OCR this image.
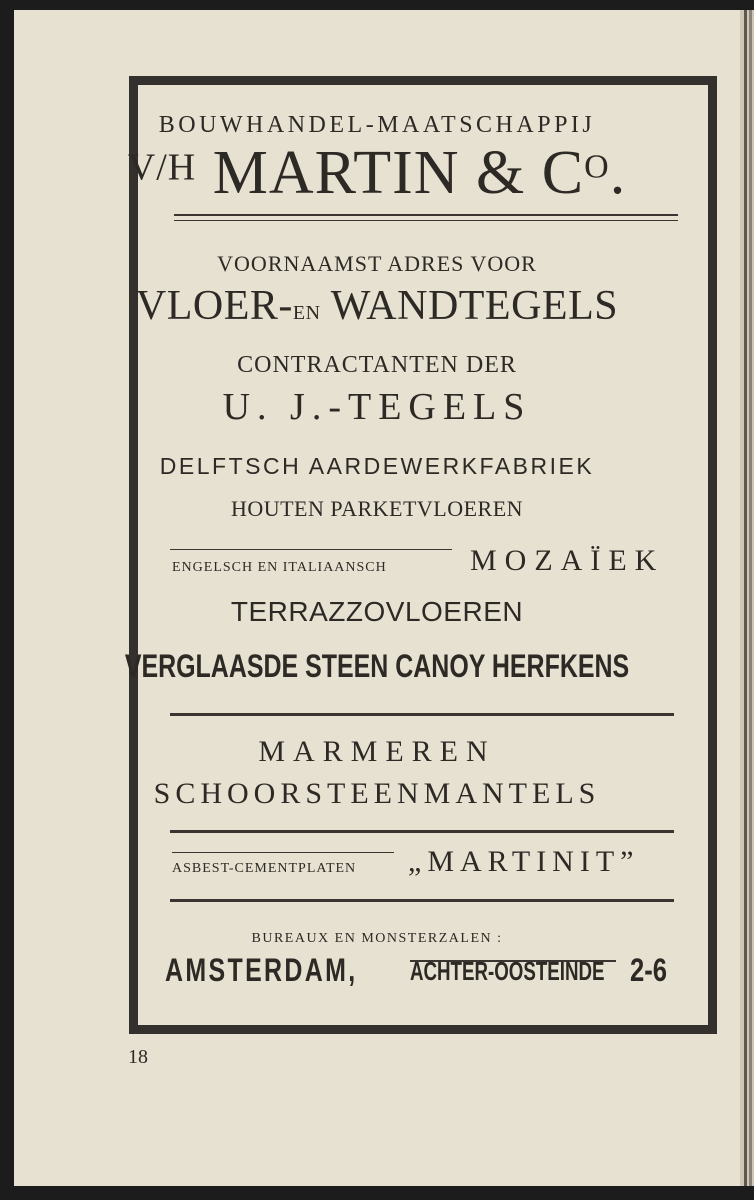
BOUWHANDEL-MAATSCHAPPIJ
$^{V/H}$ MARTIN & $C^O$.
VOORNAAMST ADRES VOOR
VLOER-EN WANDTEGELS
CONTRACTANTEN DER
U. J.-TEGELS
DELFTSCH AARDEWERKFABRIEK
HOUTEN PARKETVLOEREN
ENGELSCH EN ITALIAANSCH	MOZAÏEK
TERRAZZOVLOEREN
VERGLAASDE STEEN CANOY HERFKENS
MARMEREN
SCHOORSTEENMANTELS
ASBEST-CEMENTPLATEN „MARTINIT”
BUREAUX EN MONSTERZALEN :
AMSTERDAM, ACHTER-OOSTEINDE 2-6
18
